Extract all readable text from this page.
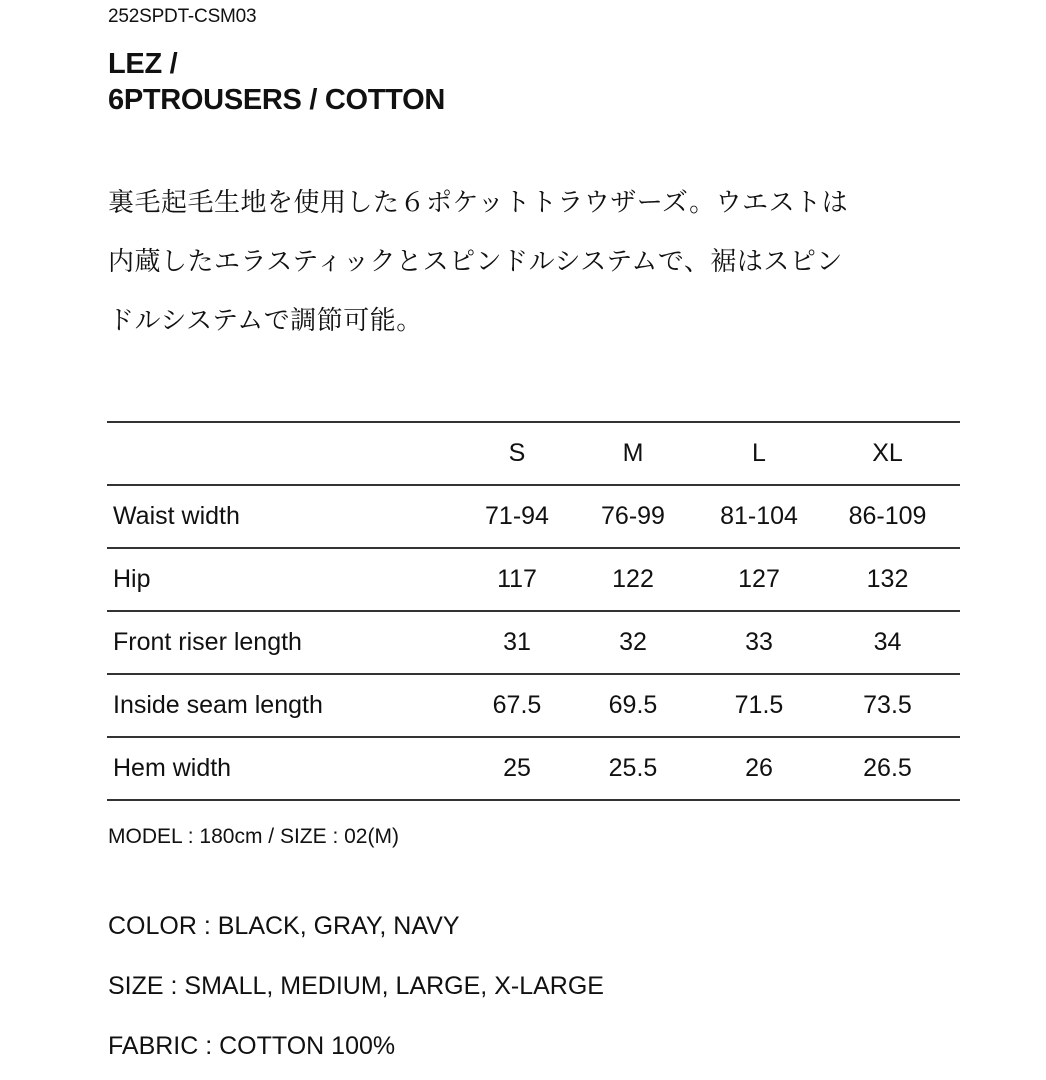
252SPDT-CSM03
LEZ /
6PTROUSERS / COTTON
裏毛起毛生地を使用した６ポケットトラウザーズ。ウエストは
内蔵したエラスティックとスピンドルシステムで、裾はスピン
ドルシステムで調節可能。
	S	M	L	XL
Waist width	71-94	76-99	81-104	86-109
Hip	117	122	127	132
Front riser length	31	32	33	34
Inside seam length	67.5	69.5	71.5	73.5
Hem width	25	25.5	26	26.5
MODEL : 180cm / SIZE : 02(M)
COLOR : BLACK, GRAY, NAVY
SIZE : SMALL, MEDIUM, LARGE, X-LARGE
FABRIC : COTTON 100%
